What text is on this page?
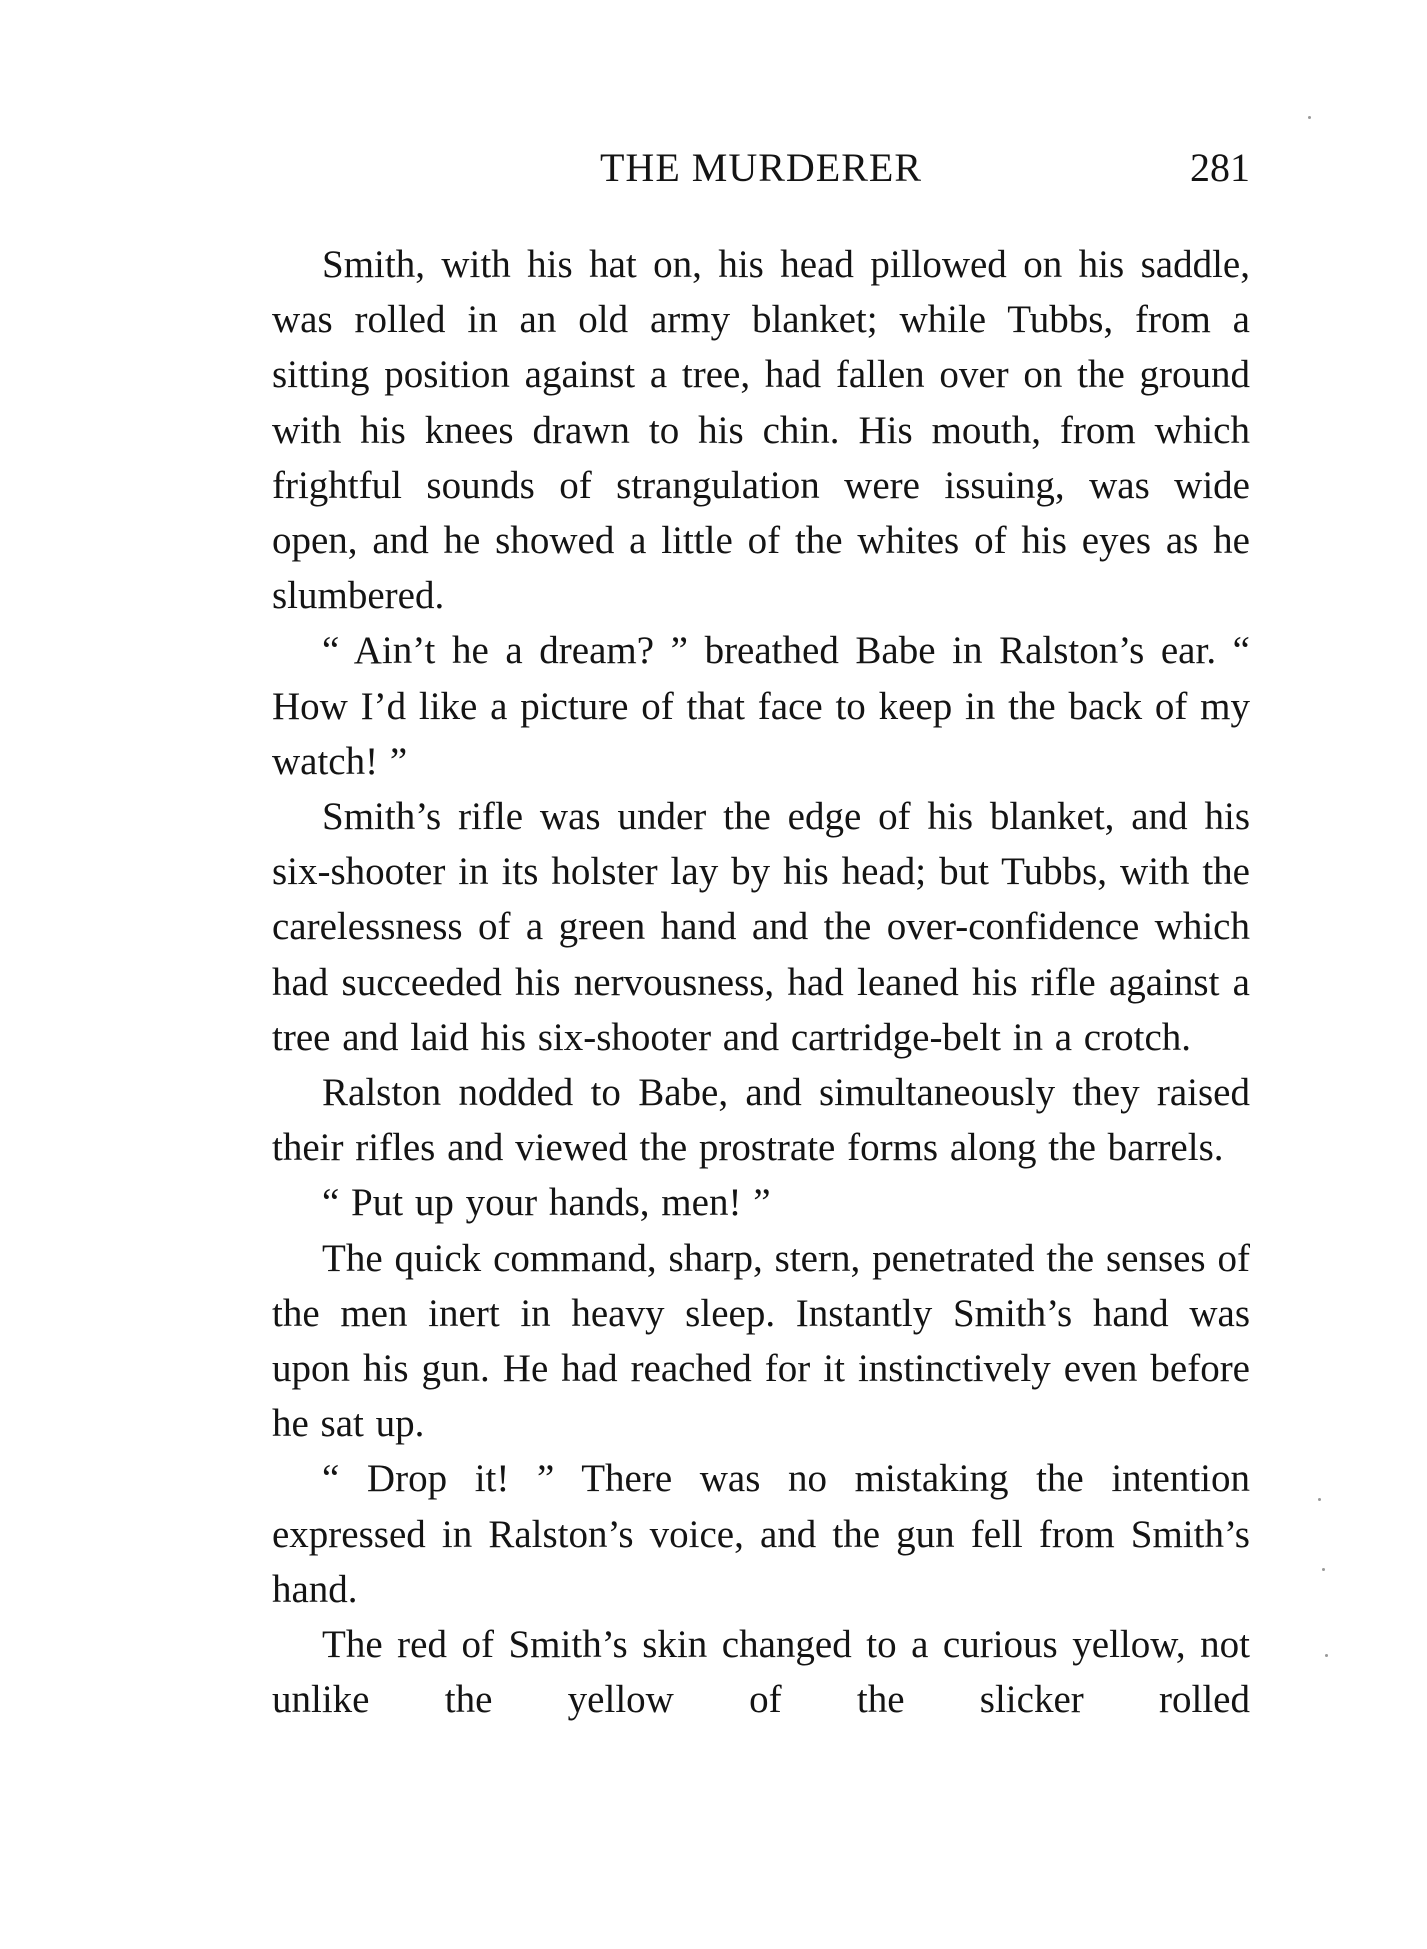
THE MURDERER	281

Smith, with his hat on, his head pillowed on his saddle, was rolled in an old army blanket; while Tubbs, from a sitting position against a tree, had fallen over on the ground with his knees drawn to his chin. His mouth, from which frightful sounds of strangulation were issuing, was wide open, and he showed a little of the whites of his eyes as he slumbered.

“ Ain’t he a dream? ” breathed Babe in Ralston’s ear. “ How I’d like a picture of that face to keep in the back of my watch! ”

Smith’s rifle was under the edge of his blanket, and his six-shooter in its holster lay by his head; but Tubbs, with the carelessness of a green hand and the over-confidence which had succeeded his nervousness, had leaned his rifle against a tree and laid his six-shooter and cartridge-belt in a crotch.

Ralston nodded to Babe, and simultaneously they raised their rifles and viewed the prostrate forms along the barrels.

“ Put up your hands, men! ”

The quick command, sharp, stern, penetrated the senses of the men inert in heavy sleep. Instantly Smith’s hand was upon his gun. He had reached for it instinctively even before he sat up.

“ Drop it! ” There was no mistaking the intention expressed in Ralston’s voice, and the gun fell from Smith’s hand.

The red of Smith’s skin changed to a curious yellow, not unlike the yellow of the slicker rolled
